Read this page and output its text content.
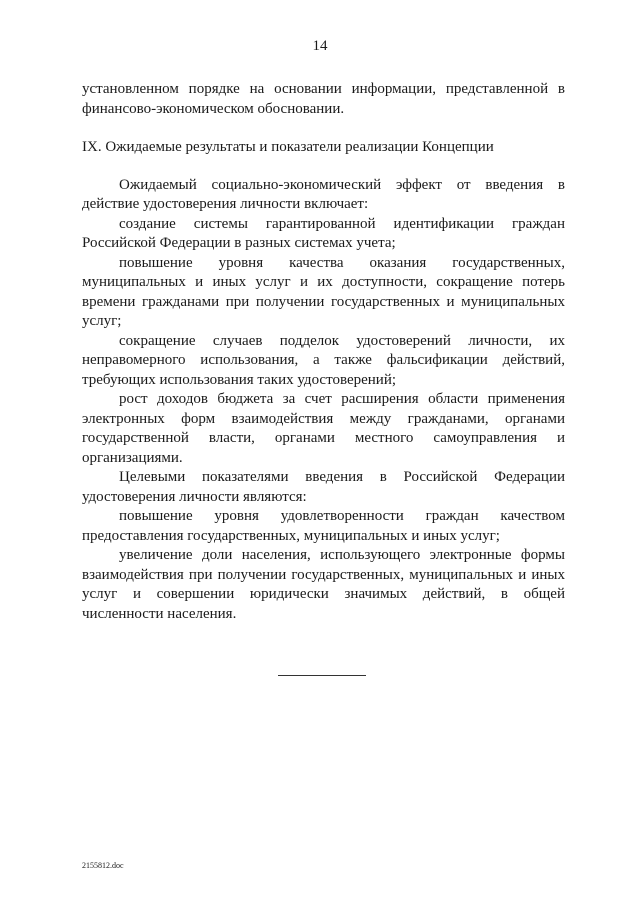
14

установленном порядке на основании информации, представленной в финансово-экономическом обосновании.

IX. Ожидаемые результаты и показатели реализации Концепции

Ожидаемый социально-экономический эффект от введения в действие удостоверения личности включает:

создание системы гарантированной идентификации граждан Российской Федерации в разных системах учета;

повышение уровня качества оказания государственных, муниципальных и иных услуг и их доступности, сокращение потерь времени гражданами при получении государственных и муниципальных услуг;

сокращение случаев подделок удостоверений личности, их неправомерного использования, а также фальсификации действий, требующих использования таких удостоверений;

рост доходов бюджета за счет расширения области применения электронных форм взаимодействия между гражданами, органами государственной власти, органами местного самоуправления и организациями.

Целевыми показателями введения в Российской Федерации удостоверения личности являются:

повышение уровня удовлетворенности граждан качеством предоставления государственных, муниципальных и иных услуг;

увеличение доли населения, использующего электронные формы взаимодействия при получении государственных, муниципальных и иных услуг и совершении юридически значимых действий, в общей численности населения.

2155812.doc
